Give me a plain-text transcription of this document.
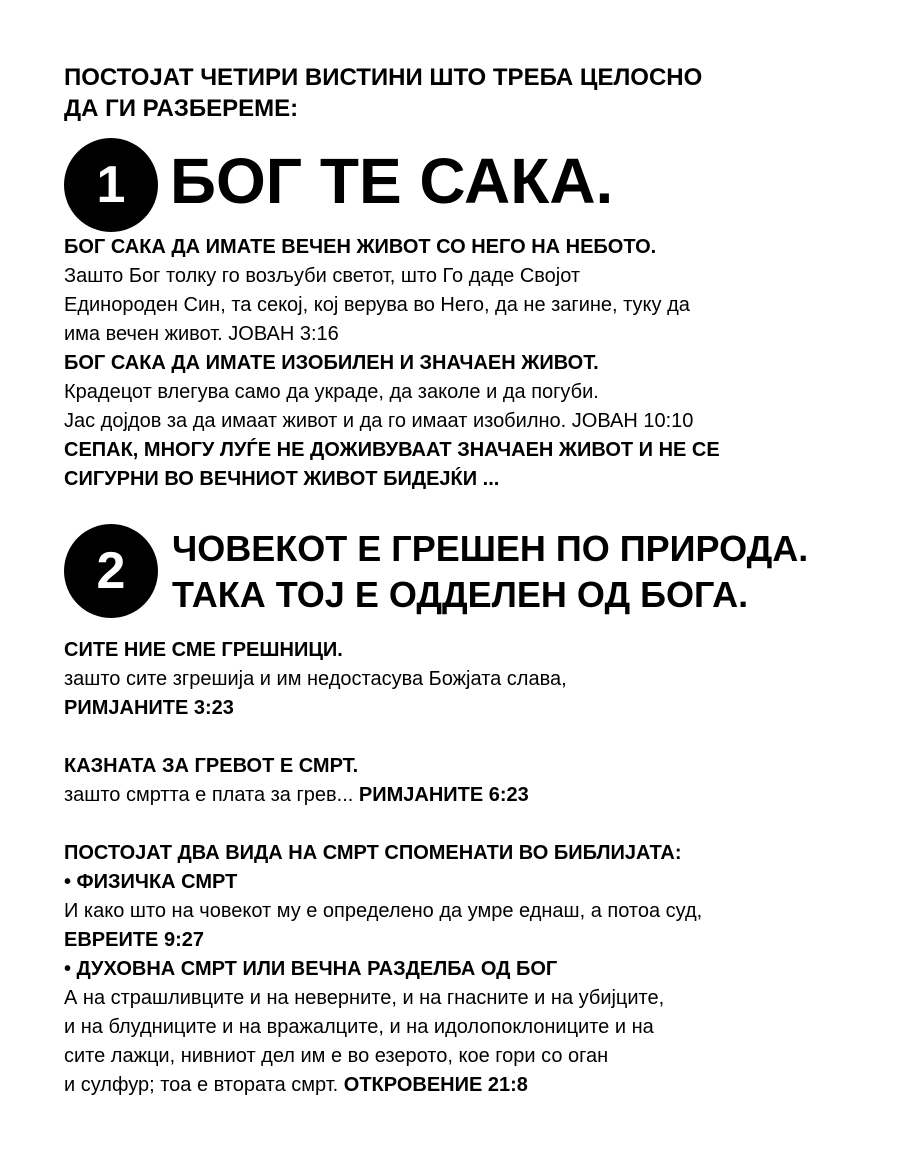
ПОСТОЈАТ ЧЕТИРИ ВИСТИНИ ШТО ТРЕБА ЦЕЛОСНО
ДА ГИ РАЗБЕРЕМЕ:
1 БОГ ТЕ САКА.
БОГ САКА ДА ИМАТЕ ВЕЧЕН ЖИВОТ СО НЕГО НА НЕБОТО.
Зашто Бог толку го возљуби светот, што Го даде Својот
Единороден Син, та секој, кој верува во Него, да не загине, туку да
има вечен живот. ЈОВАН 3:16
БОГ САКА ДА ИМАТЕ ИЗОБИЛЕН И ЗНАЧАЕН ЖИВОТ.
Крадецот влегува само да украде, да заколе и да погуби.
Јас дојдов за да имаат живот и да го имаат изобилно. ЈОВАН 10:10
СЕПАК, МНОГУ ЛУЃЕ НЕ ДОЖИВУВААТ ЗНАЧАЕН ЖИВОТ И НЕ СЕ
СИГУРНИ ВО ВЕЧНИОТ ЖИВОТ БИДЕЈЌИ ...
2	ЧОВЕКОТ Е ГРЕШЕН ПО ПРИРОДА.
ТАКА ТОЈ Е ОДДЕЛЕН ОД БОГА.
СИТЕ НИЕ СМЕ ГРЕШНИЦИ.
зашто сите згрешија и им недостасува Божјата слава,
РИМЈАНИТЕ 3:23
КАЗНАТА ЗА ГРЕВОТ Е СМРТ.
зашто смртта е плата за грев... РИМЈАНИТЕ 6:23
ПОСТОЈАТ ДВА ВИДА НА СМРТ СПОМЕНАТИ ВО БИБЛИЈАТА:
• ФИЗИЧКА СМРТ
И како што на човекот му е определено да умре еднаш, а потоа суд,
ЕВРЕИТЕ 9:27
• ДУХОВНА СМРТ ИЛИ ВЕЧНА РАЗДЕЛБА ОД БОГ
А на страшливците и на неверните, и на гнасните и на убијците,
и на блудниците и на вражалците, и на идолопоклониците и на
сите лажци, нивниот дел им е во езерото, кое гори со оган
и сулфур; тоа е втората смрт. ОТКРОВЕНИЕ 21:8
